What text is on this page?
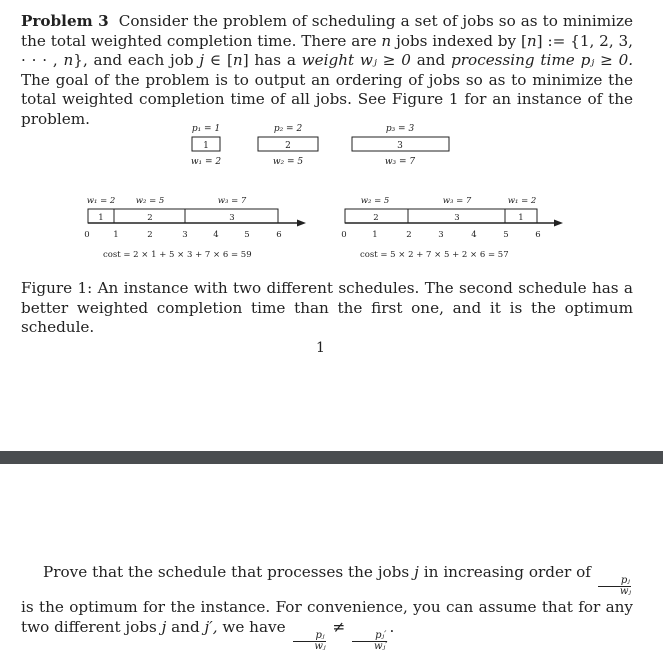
Problem 3 Consider the problem of scheduling a set of jobs so as to minimize the total weighted completion time. There are n jobs indexed by [n] := {1, 2, 3, · · · , n}, and each job j ∈ [n] has a weight wⱼ ≥ 0 and processing time pⱼ ≥ 0. The goal of the problem is to output an ordering of jobs so as to minimize the total weighted completion time of all jobs. See Figure 1 for an instance of the problem.
p₁ = 1
1
w₁ = 2
p₂ = 2
2
w₂ = 5
p₃ = 3
3
w₃ = 7
w₁ = 2 w₂ = 5	w₃ = 7
1	2	3
0	1	2	3	4	5	6
cost = 2 × 1 + 5 × 3 + 7 × 6 = 59
w₂ = 5	w₃ = 7	w₁ = 2
2	3	1
0	1	2	3	4	5	6
cost = 5 × 2 + 7 × 5 + 2 × 6 = 57
Figure 1: An instance with two different schedules. The second schedule has a better weighted completion time than the first one, and it is the optimum schedule.
1
Prove that the schedule that processes the jobs j in increasing order of
$\frac{\text{pⱼ}}{\text{wⱼ}}$
is the optimum for the instance. For convenience, you can assume that for any two different jobs j and j′, we have
$\frac{\text{pⱼ}}{\text{wⱼ}}$
≠
$\frac{\text{pⱼ′}}{\text{wⱼ′}}$
.
